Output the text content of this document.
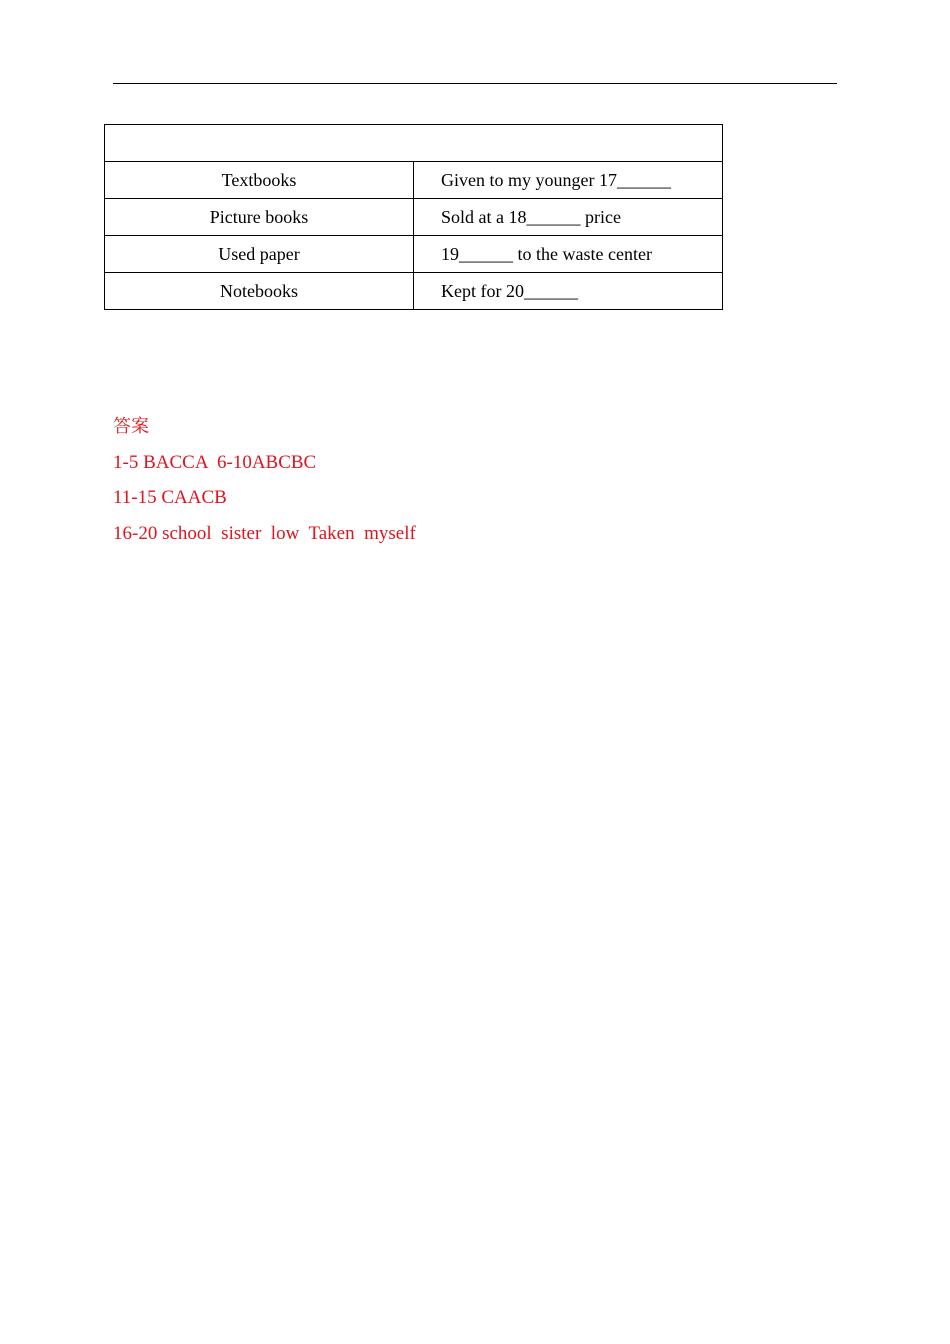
Textbooks	Given to my younger 17______
Picture books	Sold at a 18______ price
Used paper	19______ to the waste center
Notebooks	Kept for 20______
答案
1-5 BACCA  6-10ABCBC
11-15 CAACB
16-20 school  sister  low  Taken  myself
